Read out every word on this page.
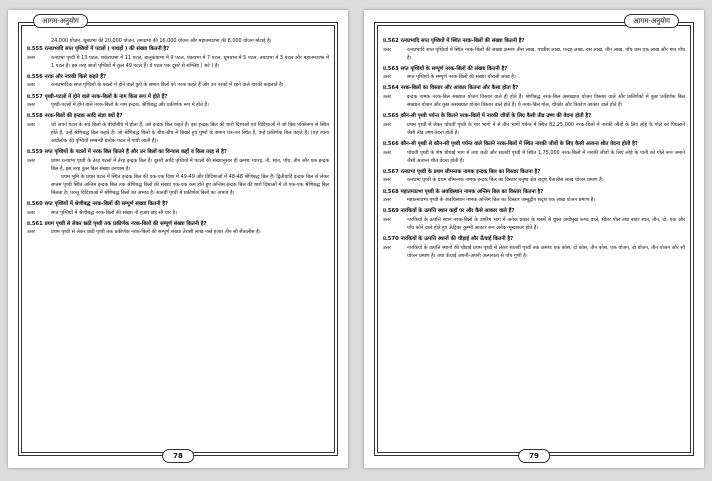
आगम-अनुयोग
24,000 योजन, धूमप्रभा की 20,000 योजन, तमःप्रभा की 16,000 योजन और महातमःप्रभा की 8,000 योजन मोटाई है।
प्र.555 रत्नप्रभादि सप्त पृथ्वियों में पटलों ( पाथड़ों ) की संख्या कितनी है?
उत्तर	रत्नप्रभा पृथ्वी में 13 पटल, शर्कराप्रभा में 11 पटल, बालुकाप्रभा में 9 पटल, पंकप्रभा में 7 पटल, धूमप्रभा में 5 पटल, तमःप्रभा में 3 पटल और महातमःप्रभा में 1 पटल है। इस तरह सातों पृथ्वियों में कुल 49 पटल हैं। ये पटल एक दूसरे से संश्लिष्ट ( सटे ) हैं।
प्र.556 नरक और नारकी किसे कहते हैं?
उत्तर	रत्नप्रभादिक सप्त पृथ्वियों के पटलों में होने वाले कुएँ के समान बिलों को नरक कहते हैं और उन नरकों में रहने वाले नारकी कहलाते हैं।
प्र.557 पृथ्वी-पटलों में होने वाले नरक-बिलों के नाम किस रूप में होते हैं?
उत्तर	पृथ्वी-पटलों में होने वाले नरक-बिलों के नाम इन्द्रक, श्रेणिबद्ध और प्रकीर्णक रूप में होते हैं।
प्र.558 नरक-बिलों की इन्द्रक आदि संज्ञा क्यों है?
उत्तर	जो अपने पटल के सर्व बिलों के बीचोंबीच में होता है, उसे इन्द्रक बिल कहते हैं। इस इन्द्रक बिल की चारों दिशाओं एवं विदिशाओं में जो बिल पंक्तिरूप से स्थित होते हैं, उन्हें श्रेणिबद्ध बिल कहते हैं। जो श्रेणिबद्ध बिलों के बीच-बीच में बिखरे हुए पुष्पों के समान यत्र-तत्र स्थित हैं, उन्हें प्रकीर्णक बिल कहते हैं। (यह रचना अधोलोक की पृथ्वियों सम्बन्धी प्रत्येक पटल में पायी जाती है)।
प्र.559 सप्त पृथ्वियों के पटलों में नरक बिल कितने हैं और उन बिलों का विन्यास कहाँ व किस तरह से है?
उत्तर	प्रथम रत्नप्रभा पृथ्वी के तेरह पटलों में तेरह इन्द्रक बिल हैं। दूसरी आदि पृथ्वियों में पटलों की संख्यानुसार ही क्रमशः ग्यारह, नौ, सात, पाँच, तीन और एक इन्द्रक बिल हैं, इस तरह कुल बिल संख्या उनचास है।
प्रथम भूमि के प्रथम पटल में स्थित इन्द्रक बिल की एक-एक दिशा में 49-49 और विदिशाओं में 48-48 श्रेणिबद्ध बिल हैं। द्वितीयादि इन्द्रक बिल से लेकर सप्तम पृथ्वी स्थित अन्तिम इन्द्रक बिल तक श्रेणिबद्ध बिलों की संख्या एक-एक कम होते हुए अन्तिम इन्द्रक बिल की चारों दिशाओं में तो एक-एक श्रेणिबद्ध बिल मिलता है। परन्तु विदिशाओं में श्रेणिबद्ध बिलों का अभाव है। सातवीं पृथ्वी में प्रकीर्णक बिलों का अभाव है।
प्र.560 सप्त पृथ्वियों में श्रेणीबद्ध नरक-बिलों की सम्पूर्ण संख्या कितनी है?
उत्तर	सप्त पृथ्वियों में श्रेणीबद्ध नरक-बिलों की संख्या नौ हजार छह सौ चार है।
प्र.561 प्रथम पृथ्वी से लेकर छठी पृथ्वी तक प्रकीर्णक नरक-बिलों की सम्पूर्ण संख्या कितनी है?
उत्तर	प्रथम पृथ्वी से लेकर छठी पृथ्वी तक प्रकीर्णक नरक-बिलों की सम्पूर्ण संख्या तेरासी लाख नब्बे हजार तीन सौ सैंतालीस है।
78
आगम-अनुयोग
प्र.562 रत्नप्रभादि सप्त पृथ्वियों में स्थित नरक-बिलों की संख्या कितनी है?
उत्तर	रत्नप्रभादि सप्त पृथ्वियों में स्थित नरक-बिलों की संख्या क्रमशः तीस लाख, पच्चीस लाख, पन्द्रह लाख, दस लाख, तीन लाख, पाँच कम एक लाख और मात्र पाँच है।
प्र.563 सप्त पृथ्वियों के सम्पूर्ण नरक-बिलों की संख्या कितनी है?
उत्तर	सप्त पृथ्वियों के सम्पूर्ण नरक-बिलों की संख्या चौरासी लाख है।
प्र.564 नरक-बिलों का विस्तार और आकार कितना और कैसा होता है?
उत्तर	इन्द्रक नामक नरक-बिल संख्यात योजन विस्तार वाले ही होते हैं। श्रेणीबद्ध नरक-बिल असंख्यात योजन विस्तार वाले और प्रकीर्णकों में कुछ प्रकीर्णक बिल संख्यात योजन और कुछ असंख्यात योजन विस्तार वाले होते हैं। ये नरक-बिल गोल, चौकोर और त्रिकोण आकार वाले होते हैं।
प्र.565 कौन-सी पृथ्वी पर्यन्त के कितने नरक-बिलों में नारकी जीवों के लिए कैसी तीव्र उष्ण की वेदना होती है?
उत्तर	प्रथम पृथ्वी से लेकर पाँचवीं पृथ्वी के चार भागों में से तीन भागों पर्यन्त में स्थित 82,25,000 नरक-बिलों में नारकी जीवों के लिए लोहे के गोले को पिघलाने जैसी तीव्र उष्ण वेदना होती है।
प्र.566 कौन-सी पृथ्वी से कौन-सी पृथ्वी पर्यन्त वाले कितने नरक-बिलों में स्थित नारकी जीवों के लिए कैसी अत्यन्त शीत वेदना होती है?
उत्तर	पाँचवीं पृथ्वी के शेष चौथाई भाग में तथा छठी और सातवीं पृथ्वी में स्थित 1,75,000 नरक-बिलों में नारकी जीवों के लिए लोहे के पानी को गोले रूप जमाने जैसी अत्यन्त शीत वेदना होती है।
प्र.567 रत्नप्रभा पृथ्वी के प्रथम सीमन्तक नामक इन्द्रक बिल का विस्तार कितना है?
उत्तर	रत्नप्रभा पृथ्वी के प्रथम सीमन्तक नामक इन्द्रक बिल का विस्तार मनुष्य क्षेत्र सदृश पैंतालीस लाख योजन प्रमाण है।
प्र.568 महातमःप्रभा पृथ्वी के अवधिस्थान नामक अन्तिम बिल का विस्तार कितना है?
उत्तर	महातमःप्रभा पृथ्वी के अवधिस्थान नामक अन्तिम बिल का विस्तार जम्बूद्वीप सदृश एक लाख योजन प्रमाण है।
प्र.569 नारकियों के उत्पत्ति स्थान कहाँ पर और कैसे आकार वाले हैं?
उत्तर	नारकियों के उत्पत्ति स्थान नरक-बिलों के उपरिम भाग में अनेक प्रकार के शस्त्रों से युक्त अधोमुख कण्ठ वाले, भीतर गोल तथा बाहर सात, तीन, दो, एक और पाँच कोने वाले होते हुए ऊँट्रिका कुम्भी आकार रूप अनेक-भूखाकार होते हैं।
प्र.570 नारकियों के उत्पत्ति स्थानों की चौड़ाई और ऊँचाई कितनी है?
उत्तर	नारकियों के उत्पत्ति स्थानों की चौड़ाई प्रथम पृथ्वी से लेकर सातवीं पृथ्वी तक क्रमशः एक कोस, दो कोस, तीन कोस, एक योजन, दो योजन, तीन योजन और सौ योजन प्रमाण है। तथा ऊँचाई अपनी-अपनी अल्पनाता से पाँच गुणी है।
79
